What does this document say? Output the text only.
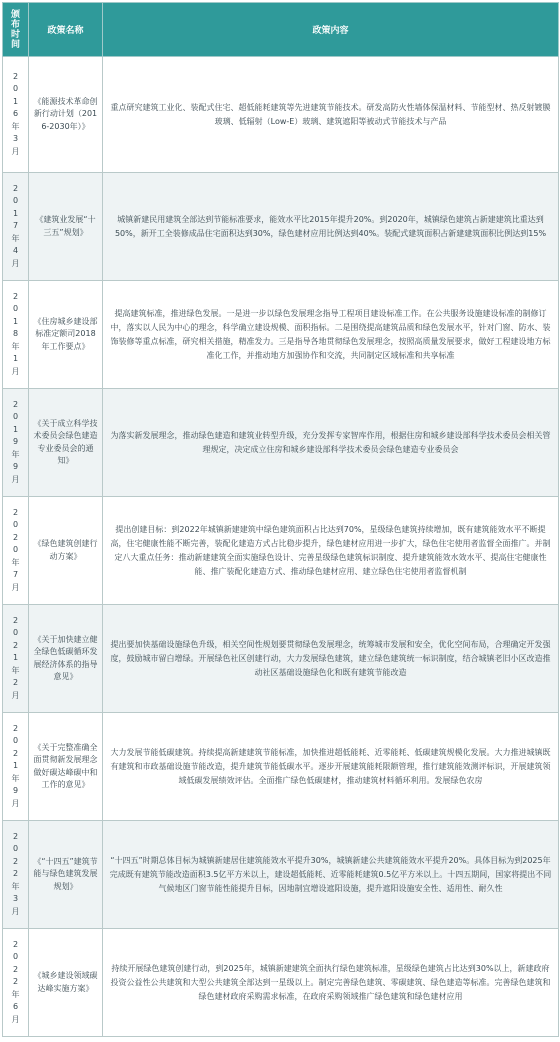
颁布时间	政策名称	政策内容
2016年3月	《能源技术革命创新行动计划（2016-2030年）》	重点研究建筑工业化、装配式住宅、超低能耗建筑等先进建筑节能技术。研发高防火性墙体保温材料、节能型材、热反射镀膜玻璃、低辐射（Low-E）玻璃、建筑遮阳等被动式节能技术与产品
2017年4月	《建筑业发展“十三五”规划》	城镇新建民用建筑全部达到节能标准要求，能效水平比2015年提升20%。到2020年，城镇绿色建筑占新建建筑比重达到50%，新开工全装修成品住宅面积达到30%，绿色建材应用比例达到40%。装配式建筑面积占新建建筑面积比例达到15%
2018年1月	《住房城乡建设部标准定额司2018年工作要点》	提高建筑标准，推进绿色发展。一是进一步以绿色发展理念指导工程项目建设标准工作。在公共服务设施建设标准的制修订中，落实以人民为中心的理念，科学确立建设规模、面积指标。二是围绕提高建筑品质和绿色发展水平，针对门窗、防水、装饰装修等重点标准，研究相关措施，精准发力。三是指导各地贯彻绿色发展理念，按照高质量发展要求，做好工程建设地方标准化工作，并推动地方加强协作和交流，共同制定区域标准和共享标准
2019年9月	《关于成立科学技术委员会绿色建造专业委员会的通知》	为落实新发展理念，推动绿色建造和建筑业转型升级，充分发挥专家智库作用，根据住房和城乡建设部科学技术委员会相关管理规定，决定成立住房和城乡建设部科学技术委员会绿色建造专业委员会
2020年7月	《绿色建筑创建行动方案》	提出创建目标：到2022年城镇新建建筑中绿色建筑面积占比达到70%，星级绿色建筑持续增加，既有建筑能效水平不断提高，住宅健康性能不断完善，装配化建造方式占比稳步提升，绿色建材应用进一步扩大，绿色住宅使用者监督全面推广。并制定八大重点任务：推动新建建筑全面实施绿色设计、完善星级绿色建筑标识制度、提升建筑能效水效水平、提高住宅健康性能、推广装配化建造方式、推动绿色建材应用、建立绿色住宅使用者监督机制
2021年2月	《关于加快建立健全绿色低碳循环发展经济体系的指导意见》	提出要加快基础设施绿色升级，相关空间性规划要贯彻绿色发展理念，统筹城市发展和安全，优化空间布局，合理确定开发强度，鼓励城市留白增绿。开展绿色社区创建行动，大力发展绿色建筑，建立绿色建筑统一标识制度，结合城镇老旧小区改造推动社区基础设施绿色化和既有建筑节能改造
2021年9月	《关于完整准确全面贯彻新发展理念做好碳达峰碳中和工作的意见》	大力发展节能低碳建筑。持续提高新建建筑节能标准，加快推进超低能耗、近零能耗、低碳建筑规模化发展。大力推进城镇既有建筑和市政基础设施节能改造，提升建筑节能低碳水平。逐步开展建筑能耗限额管理，推行建筑能效测评标识，开展建筑领域低碳发展绩效评估。全面推广绿色低碳建材，推动建筑材料循环利用。发展绿色农房
2022年3月	《“十四五”建筑节能与绿色建筑发展规划》	“十四五”时期总体目标为城镇新建居住建筑能效水平提升30%，城镇新建公共建筑能效水平提升20%。具体目标为到2025年完成既有建筑节能改造面积3.5亿平方米以上，建设超低能耗、近零能耗建筑0.5亿平方米以上。十四五期间，国家将提出不同气候地区门窗节能性能提升目标，因地制宜增设遮阳设施，提升遮阳设施安全性、适用性、耐久性
2022年6月	《城乡建设领域碳达峰实施方案》	持续开展绿色建筑创建行动，到2025年，城镇新建建筑全面执行绿色建筑标准，星级绿色建筑占比达到30%以上，新建政府投资公益性公共建筑和大型公共建筑全部达到一星级以上。制定完善绿色建筑、零碳建筑、绿色建造等标准。完善绿色建筑和绿色建材政府采购需求标准，在政府采购领域推广绿色建筑和绿色建材应用
